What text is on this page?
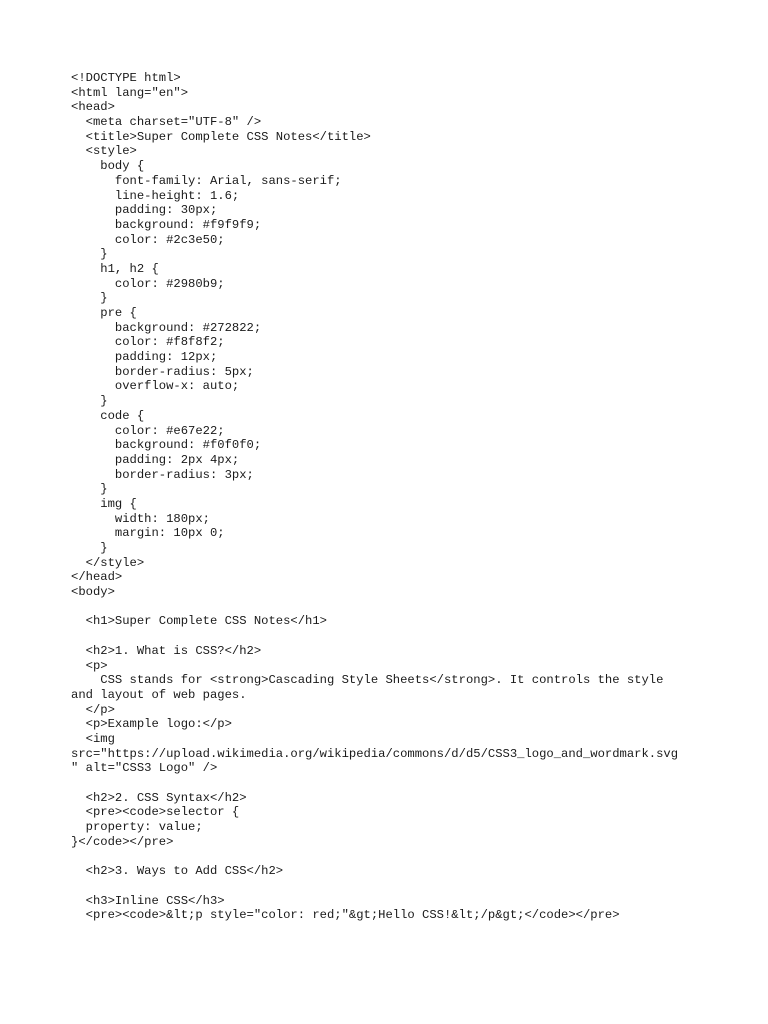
<!DOCTYPE html>
<html lang="en">
<head>
<meta charset="UTF-8" />
<title>Super Complete CSS Notes</title>
<style>
body {
font-family: Arial, sans-serif;
line-height: 1.6;
padding: 30px;
background: #f9f9f9;
color: #2c3e50;
}
h1, h2 {
color: #2980b9;
}
pre {
background: #272822;
color: #f8f8f2;
padding: 12px;
border-radius: 5px;
overflow-x: auto;
}
code {
color: #e67e22;
background: #f0f0f0;
padding: 2px 4px;
border-radius: 3px;
}
img {
width: 180px;
margin: 10px 0;
}
</style>
</head>
<body>
<h1>Super Complete CSS Notes</h1>
<h2>1. What is CSS?</h2>
<p>
CSS stands for <strong>Cascading Style Sheets</strong>. It controls the style
and layout of web pages.
</p>
<p>Example logo:</p>
<img
src="https://upload.wikimedia.org/wikipedia/commons/d/d5/CSS3_logo_and_wordmark.svg
" alt="CSS3 Logo" />
<h2>2. CSS Syntax</h2>
<pre><code>selector {
property: value;
}</code></pre>
<h2>3. Ways to Add CSS</h2>
<h3>Inline CSS</h3>
<pre><code>&lt;p style="color: red;"&gt;Hello CSS!&lt;/p&gt;</code></pre>
